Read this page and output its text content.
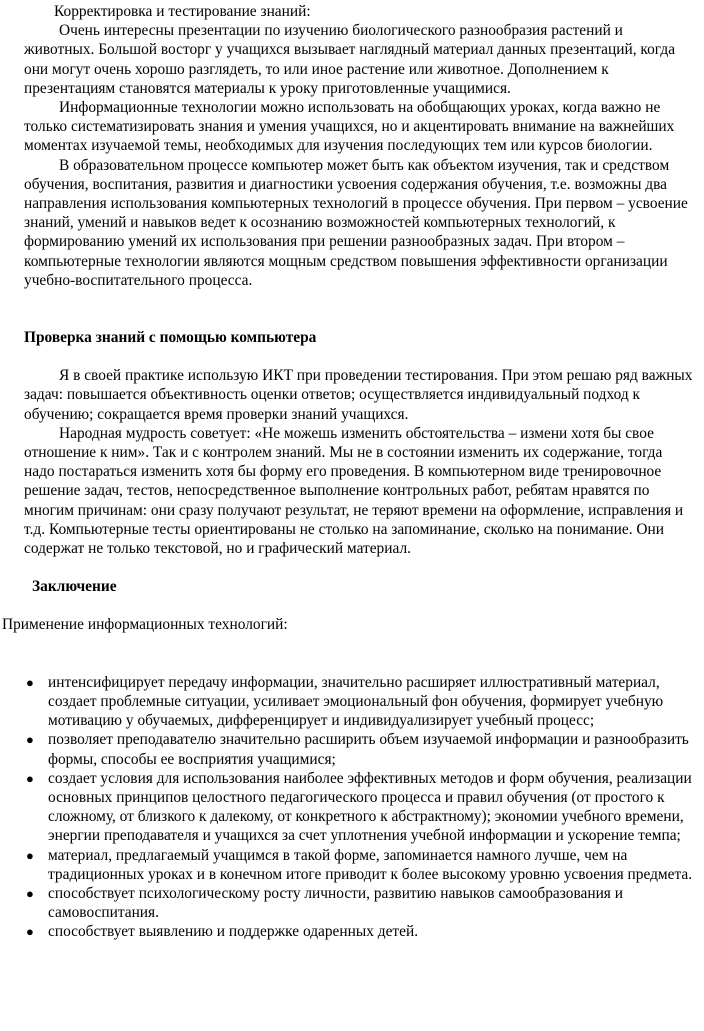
Корректировка и тестирование знаний:

Очень интересны презентации по изучению биологического разнообразия растений и животных. Большой восторг у учащихся вызывает наглядный материал данных презентаций, когда они могут очень хорошо разглядеть, то или иное растение или животное. Дополнением к презентациям становятся материалы к уроку приготовленные учащимися.

Информационные технологии можно использовать на обобщающих уроках, когда важно не только систематизировать знания и умения учащихся, но и акцентировать внимание на важнейших моментах изучаемой темы, необходимых для изучения последующих тем или курсов биологии.

В образовательном процессе компьютер может быть как объектом изучения, так и средством обучения, воспитания, развития и диагностики усвоения содержания обучения, т.е. возможны два направления использования компьютерных технологий в процессе обучения. При первом – усвоение знаний, умений и навыков ведет к осознанию возможностей компьютерных технологий, к формированию умений их использования при решении разнообразных задач. При втором – компьютерные технологии являются мощным средством повышения эффективности организации учебно-воспитательного процесса.

Проверка знаний с помощью компьютера

Я в своей практике использую ИКТ при проведении тестирования. При этом решаю ряд важных задач: повышается объективность оценки ответов; осуществляется индивидуальный подход к обучению; сокращается время проверки знаний учащихся.

Народная мудрость советует: «Не можешь изменить обстоятельства – измени хотя бы свое отношение к ним». Так и с контролем знаний. Мы не в состоянии изменить их содержание, тогда надо постараться изменить хотя бы форму его проведения. В компьютерном виде тренировочное решение задач, тестов, непосредственное выполнение контрольных работ, ребятам нравятся по многим причинам: они сразу получают результат, не теряют времени на оформление, исправления и т.д. Компьютерные тесты ориентированы не столько на запоминание, сколько на понимание. Они содержат не только текстовой, но и графический материал.

Заключение

Применение информационных технологий:

● интенсифицирует передачу информации, значительно расширяет иллюстративный материал, создает проблемные ситуации, усиливает эмоциональный фон обучения, формирует учебную мотивацию у обучаемых, дифференцирует и индивидуализирует учебный процесс;
● позволяет преподавателю значительно расширить объем изучаемой информации и разнообразить формы, способы ее восприятия учащимися;
● создает условия для использования наиболее эффективных методов и форм обучения, реализации основных принципов целостного педагогического процесса и правил обучения (от простого к сложному, от близкого к далекому, от конкретного к абстрактному); экономии учебного времени, энергии преподавателя и учащихся за счет уплотнения учебной информации и ускорение темпа;
● материал, предлагаемый учащимся в такой форме, запоминается намного лучше, чем на традиционных уроках и в конечном итоге приводит к более высокому уровню усвоения предмета.
● способствует психологическому росту личности, развитию навыков самообразования и самовоспитания.
● способствует выявлению и поддержке одаренных детей.
